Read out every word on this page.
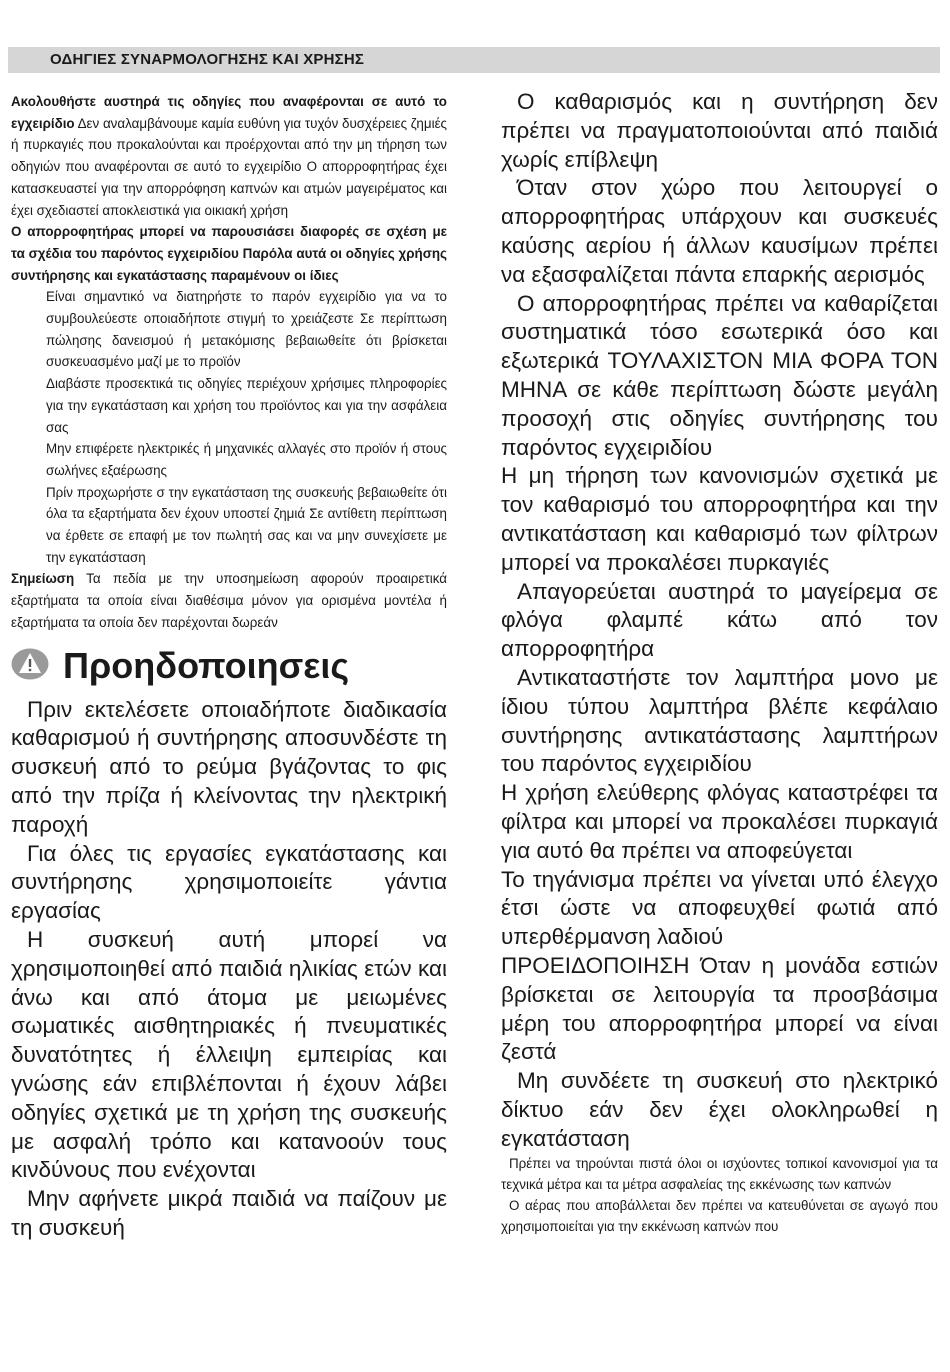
ΟΔΗΓΙΕΣ ΣΥΝΑΡΜΟΛΟΓΗΣΗΣ ΚΑΙ ΧΡΗΣΗΣ

Ακολουθήστε αυστηρά τις οδηγίες που αναφέρονται σε αυτό το εγχειρίδιο Δεν αναλαμβάνουμε καμία ευθύνη για τυχόν δυσχέρειες ζημιές ή πυρκαγιές που προκαλούνται και προέρχονται από την μη τήρηση των οδηγιών που αναφέρονται σε αυτό το εγχειρίδιο Ο απορροφητήρας έχει κατασκευαστεί για την απορρόφηση καπνών και ατμών μαγειρέματος και έχει σχεδιαστεί αποκλειστικά για οικιακή χρήση

Ο απορροφητήρας μπορεί να παρουσιάσει διαφορές σε σχέση με τα σχέδια του παρόντος εγχειριδίου Παρόλα αυτά οι οδηγίες χρήσης συντήρησης και εγκατάστασης παραμένουν οι ίδιες

Είναι σημαντικό να διατηρήστε το παρόν εγχειρίδιο για να το συμβουλεύεστε οποιαδήποτε στιγμή το χρειάζεστε Σε περίπτωση πώλησης δανεισμού ή μετακόμισης βεβαιωθείτε ότι βρίσκεται συσκευασμένο μαζί με το προϊόν

Διαβάστε προσεκτικά τις οδηγίες περιέχουν χρήσιμες πληροφορίες για την εγκατάσταση και χρήση του προϊόντος και για την ασφάλεια σας

Μην επιφέρετε ηλεκτρικές ή μηχανικές αλλαγές στο προϊόν ή στους σωλήνες εξαέρωσης

Πρίν προχωρήστε σ την εγκατάσταση της συσκευής βεβαιωθείτε ότι όλα τα εξαρτήματα δεν έχουν υποστεί ζημιά Σε αντίθετη περίπτωση να έρθετε σε επαφή με τον πωλητή σας και να μην συνεχίσετε με την εγκατάσταση

Σημείωση Τα πεδία με την υποσημείωση αφορούν προαιρετικά εξαρτήματα τα οποία είναι διαθέσιμα μόνον για ορισμένα μοντέλα ή εξαρτήματα τα οποία δεν παρέχονται δωρεάν

Προηδοποιησεις

Πριν εκτελέσετε οποιαδήποτε διαδικασία καθαρισμού ή συντήρησης αποσυνδέστε τη συσκευή από το ρεύμα βγάζοντας το φις από την πρίζα ή κλείνοντας την ηλεκτρική παροχή

Για όλες τις εργασίες εγκατάστασης και συντήρησης χρησιμοποιείτε γάντια εργασίας

Η συσκευή αυτή μπορεί να χρησιμοποιηθεί από παιδιά ηλικίας ετών και άνω και από άτομα με μειωμένες σωματικές αισθητηριακές ή πνευματικές δυνατότητες ή έλλειψη εμπειρίας και γνώσης εάν επιβλέπονται ή έχουν λάβει οδηγίες σχετικά με τη χρήση της συσκευής με ασφαλή τρόπο και κατανοούν τους κινδύνους που ενέχονται

Μην αφήνετε μικρά παιδιά να παίζουν με τη συσκευή

Ο καθαρισμός και η συντήρηση δεν πρέπει να πραγματοποιούνται από παιδιά χωρίς επίβλεψη

Όταν στον χώρο που λειτουργεί ο απορροφητήρας υπάρχουν και συσκευές καύσης αερίου ή άλλων καυσίμων πρέπει να εξασφαλίζεται πάντα επαρκής αερισμός

Ο απορροφητήρας πρέπει να καθαρίζεται συστηματικά τόσο εσωτερικά όσο και εξωτερικά ΤΟΥΛΑΧΙΣΤΟΝ ΜΙΑ ΦΟΡΑ ΤΟΝ ΜΗΝΑ σε κάθε περίπτωση δώστε μεγάλη προσοχή στις οδηγίες συντήρησης του παρόντος εγχειριδίου

Η μη τήρηση των κανονισμών σχετικά με τον καθαρισμό του απορροφητήρα και την αντικατάσταση και καθαρισμό των φίλτρων μπορεί να προκαλέσει πυρκαγιές

Απαγορεύεται αυστηρά το μαγείρεμα σε φλόγα φλαμπέ κάτω από τον απορροφητήρα

Αντικαταστήστε τον λαμπτήρα μονο με ίδιου τύπου λαμπτήρα βλέπε κεφάλαιο συντήρησης αντικατάστασης λαμπτήρων του παρόντος εγχειριδίου

Η χρήση ελεύθερης φλόγας καταστρέφει τα φίλτρα και μπορεί να προκαλέσει πυρκαγιά για αυτό θα πρέπει να αποφεύγεται

Το τηγάνισμα πρέπει να γίνεται υπό έλεγχο έτσι ώστε να αποφευχθεί φωτιά από υπερθέρμανση λαδιού

ΠΡΟΕΙΔΟΠΟΙΗΣΗ Όταν η μονάδα εστιών βρίσκεται σε λειτουργία τα προσβάσιμα μέρη του απορροφητήρα μπορεί να είναι ζεστά

Μη συνδέετε τη συσκευή στο ηλεκτρικό δίκτυο εάν δεν έχει ολοκληρωθεί η εγκατάσταση

Πρέπει να τηρούνται πιστά όλοι οι ισχύοντες τοπικοί κανονισμοί για τα τεχνικά μέτρα και τα μέτρα ασφαλείας της εκκένωσης των καπνών

Ο αέρας που αποβάλλεται δεν πρέπει να κατευθύνεται σε αγωγό που χρησιμοποιείται για την εκκένωση καπνών που
